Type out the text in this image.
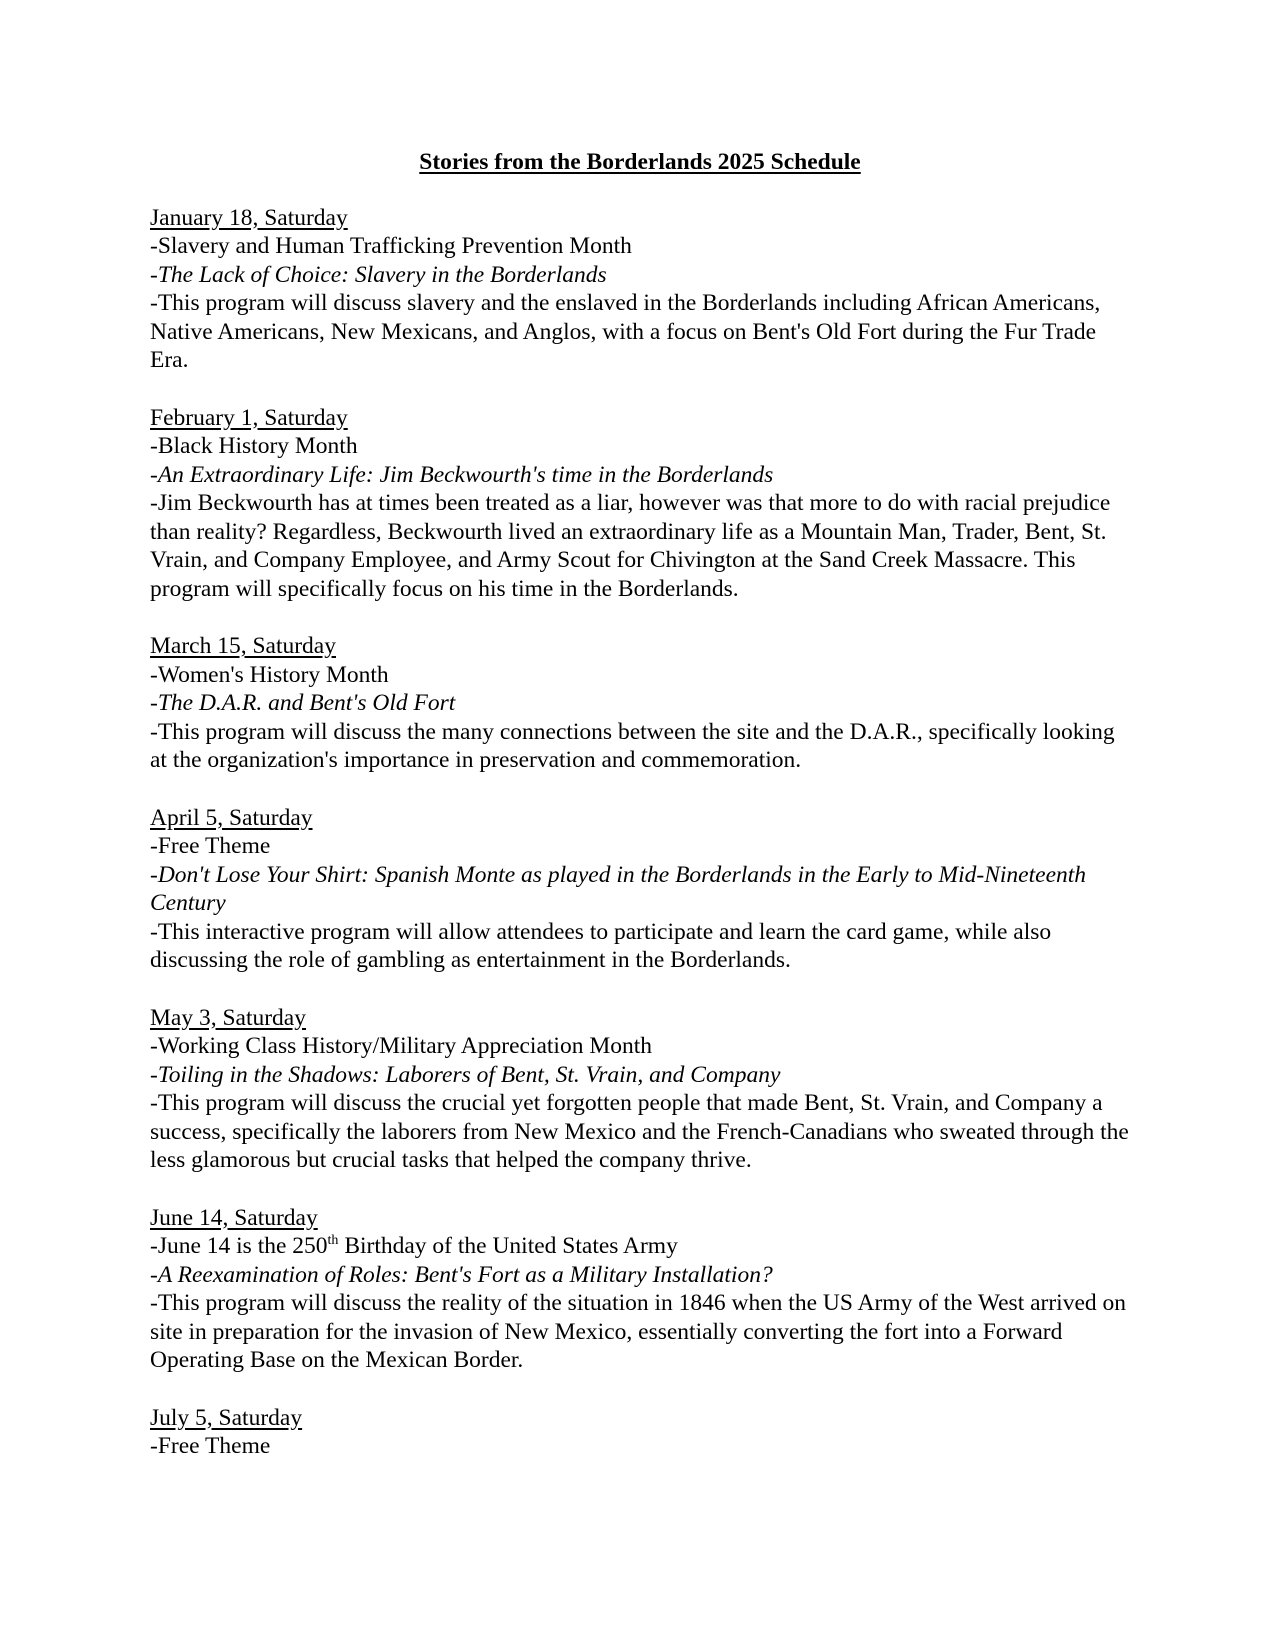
Stories from the Borderlands 2025 Schedule
January 18, Saturday
-Slavery and Human Trafficking Prevention Month
-The Lack of Choice: Slavery in the Borderlands
-This program will discuss slavery and the enslaved in the Borderlands including African Americans, Native Americans, New Mexicans, and Anglos, with a focus on Bent's Old Fort during the Fur Trade Era.
February 1, Saturday
-Black History Month
-An Extraordinary Life: Jim Beckwourth's time in the Borderlands
-Jim Beckwourth has at times been treated as a liar, however was that more to do with racial prejudice than reality? Regardless, Beckwourth lived an extraordinary life as a Mountain Man, Trader, Bent, St. Vrain, and Company Employee, and Army Scout for Chivington at the Sand Creek Massacre. This program will specifically focus on his time in the Borderlands.
March 15, Saturday
-Women's History Month
-The D.A.R. and Bent's Old Fort
-This program will discuss the many connections between the site and the D.A.R., specifically looking at the organization's importance in preservation and commemoration.
April 5, Saturday
-Free Theme
-Don't Lose Your Shirt: Spanish Monte as played in the Borderlands in the Early to Mid-Nineteenth Century
-This interactive program will allow attendees to participate and learn the card game, while also discussing the role of gambling as entertainment in the Borderlands.
May 3, Saturday
-Working Class History/Military Appreciation Month
-Toiling in the Shadows: Laborers of Bent, St. Vrain, and Company
-This program will discuss the crucial yet forgotten people that made Bent, St. Vrain, and Company a success, specifically the laborers from New Mexico and the French-Canadians who sweated through the less glamorous but crucial tasks that helped the company thrive.
June 14, Saturday
-June 14 is the 250th Birthday of the United States Army
-A Reexamination of Roles: Bent's Fort as a Military Installation?
-This program will discuss the reality of the situation in 1846 when the US Army of the West arrived on site in preparation for the invasion of New Mexico, essentially converting the fort into a Forward Operating Base on the Mexican Border.
July 5, Saturday
-Free Theme
